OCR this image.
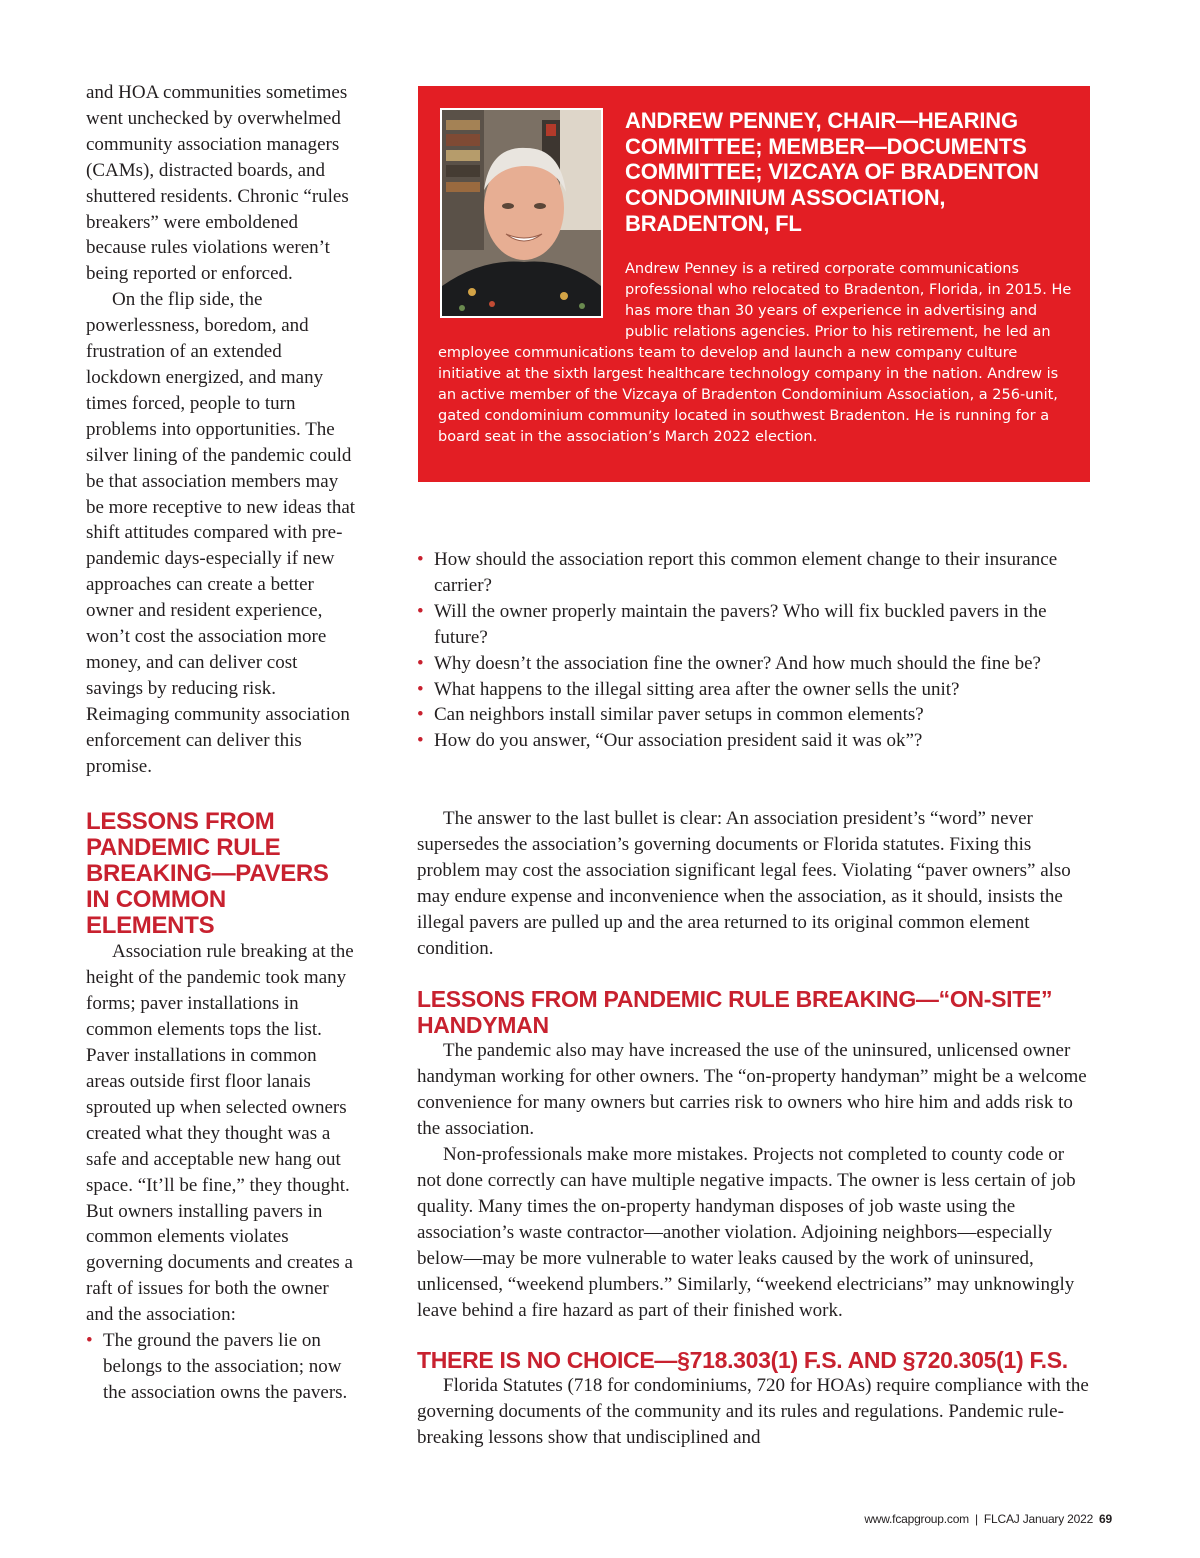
and HOA communities sometimes went unchecked by overwhelmed community association managers (CAMs), distracted boards, and shuttered residents. Chronic “rules breakers” were emboldened because rules violations weren’t being reported or enforced.

On the flip side, the powerlessness, boredom, and frustration of an extended lockdown energized, and many times forced, people to turn problems into opportunities. The silver lining of the pandemic could be that association members may be more receptive to new ideas that shift attitudes compared with pre-pandemic days-especially if new approaches can create a better owner and resident experience, won’t cost the association more money, and can deliver cost savings by reducing risk. Reimaging community association enforcement can deliver this promise.

LESSONS FROM PANDEMIC RULE BREAKING—PAVERS IN COMMON ELEMENTS

Association rule breaking at the height of the pandemic took many forms; paver installations in common elements tops the list. Paver installations in common areas outside first floor lanais sprouted up when selected owners created what they thought was a safe and acceptable new hang out space. “It’ll be fine,” they thought. But owners installing pavers in common elements violates governing documents and creates a raft of issues for both the owner and the association:

• The ground the pavers lie on belongs to the association; now the association owns the pavers.
ANDREW PENNEY, CHAIR—HEARING COMMITTEE; MEMBER—DOCUMENTS COMMITTEE; VIZCAYA OF BRADENTON CONDOMINIUM ASSOCIATION, BRADENTON, FL

Andrew Penney is a retired corporate communications professional who relocated to Bradenton, Florida, in 2015. He has more than 30 years of experience in advertising and public relations agencies. Prior to his retirement, he led an employee communications team to develop and launch a new company culture initiative at the sixth largest healthcare technology company in the nation. Andrew is an active member of the Vizcaya of Bradenton Condominium Association, a 256-unit, gated condominium community located in southwest Bradenton. He is running for a board seat in the association’s March 2022 election.

• How should the association report this common element change to their insurance carrier?
• Will the owner properly maintain the pavers? Who will fix buckled pavers in the future?
• Why doesn’t the association fine the owner? And how much should the fine be?
• What happens to the illegal sitting area after the owner sells the unit?
• Can neighbors install similar paver setups in common elements?
• How do you answer, “Our association president said it was ok”?

The answer to the last bullet is clear: An association president’s “word” never supersedes the association’s governing documents or Florida statutes. Fixing this problem may cost the association significant legal fees. Violating “paver owners” also may endure expense and inconvenience when the association, as it should, insists the illegal pavers are pulled up and the area returned to its original common element condition.

LESSONS FROM PANDEMIC RULE BREAKING—“ON-SITE” HANDYMAN

The pandemic also may have increased the use of the uninsured, unlicensed owner handyman working for other owners. The “on-property handyman” might be a welcome convenience for many owners but carries risk to owners who hire him and adds risk to the association.

Non-professionals make more mistakes. Projects not completed to county code or not done correctly can have multiple negative impacts. The owner is less certain of job quality. Many times the on-property handyman disposes of job waste using the association’s waste contractor—another violation. Adjoining neighbors—especially below—may be more vulnerable to water leaks caused by the work of uninsured, unlicensed, “weekend plumbers.” Similarly, “weekend electricians” may unknowingly leave behind a fire hazard as part of their finished work.

THERE IS NO CHOICE—§718.303(1) F.S. AND §720.305(1) F.S.

Florida Statutes (718 for condominiums, 720 for HOAs) require compliance with the governing documents of the community and its rules and regulations. Pandemic rule-breaking lessons show that undisciplined and

www.fcapgroup.com | FLCAJ January 2022 69
